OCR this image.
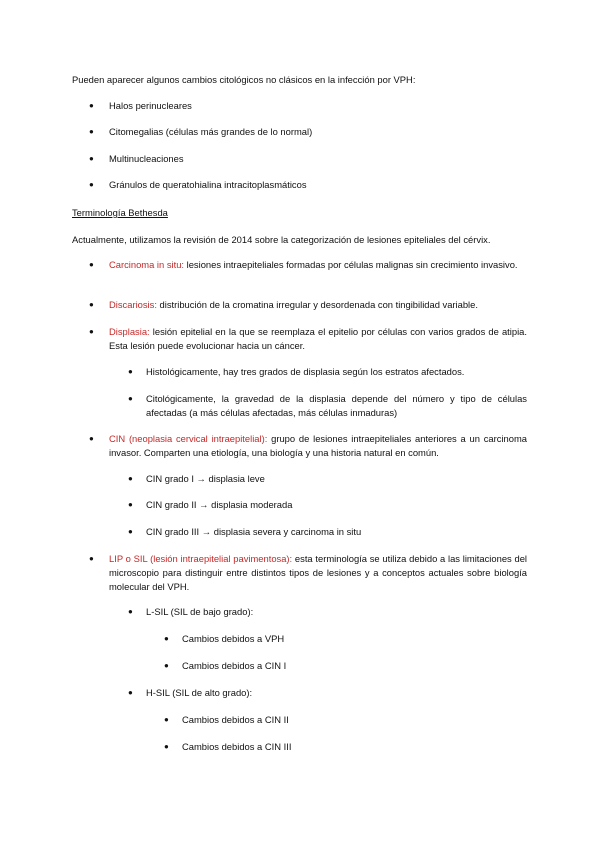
Pueden aparecer algunos cambios citológicos no clásicos en la infección por VPH:
● Halos perinucleares
● Citomegalias (células más grandes de lo normal)
● Multinucleaciones
● Gránulos de queratohialina intracitoplasmáticos
Terminología Bethesda
Actualmente, utilizamos la revisión de 2014 sobre la categorización de lesiones epiteliales del cérvix.
● Carcinoma in situ: lesiones intraepiteliales formadas por células malignas sin crecimiento invasivo.
● Discariosis: distribución de la cromatina irregular y desordenada con tingibilidad variable.
● Displasia: lesión epitelial en la que se reemplaza el epitelio por células con varios grados de atipia. Esta lesión puede evolucionar hacia un cáncer.
● Histológicamente, hay tres grados de displasia según los estratos afectados.
● Citológicamente, la gravedad de la displasia depende del número y tipo de células afectadas (a más células afectadas, más células inmaduras)
● CIN (neoplasia cervical intraepitelial): grupo de lesiones intraepiteliales anteriores a un carcinoma invasor. Comparten una etiología, una biología y una historia natural en común.
● CIN grado I → displasia leve
● CIN grado II → displasia moderada
● CIN grado III → displasia severa y carcinoma in situ
● LIP o SIL (lesión intraepitelial pavimentosa): esta terminología se utiliza debido a las limitaciones del microscopio para distinguir entre distintos tipos de lesiones y a conceptos actuales sobre biología molecular del VPH.
● L-SIL (SIL de bajo grado):
● Cambios debidos a VPH
● Cambios debidos a CIN I
● H-SIL (SIL de alto grado):
● Cambios debidos a CIN II
● Cambios debidos a CIN III
